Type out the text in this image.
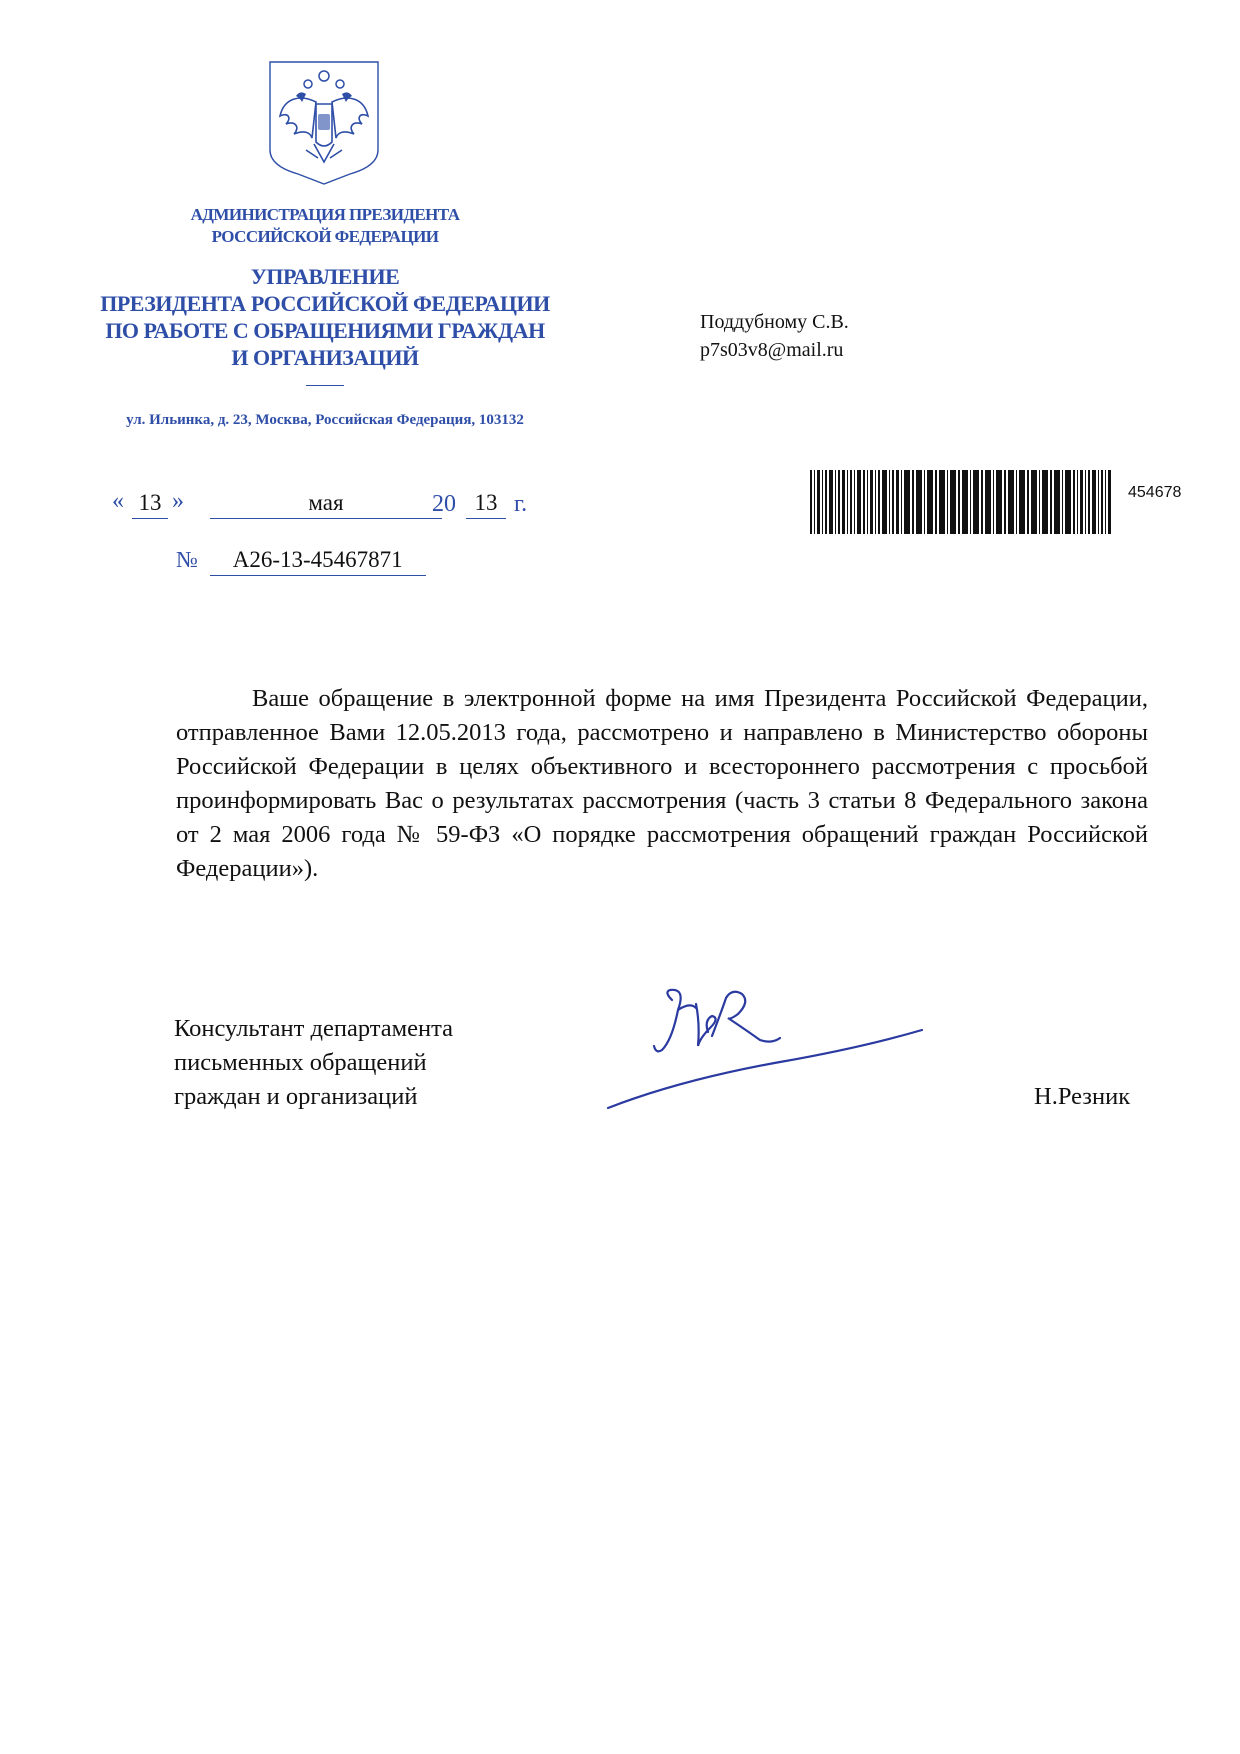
АДМИНИСТРАЦИЯ ПРЕЗИДЕНТА
РОССИЙСКОЙ ФЕДЕРАЦИИ
УПРАВЛЕНИЕ
ПРЕЗИДЕНТА РОССИЙСКОЙ ФЕДЕРАЦИИ
ПО РАБОТЕ С ОБРАЩЕНИЯМИ ГРАЖДАН
И ОРГАНИЗАЦИЙ
ул. Ильинка, д. 23, Москва, Российская Федерация, 103132
Поддубному С.В.
p7s03v8@mail.ru
« 13 »	мая	20 13 г.
№ А26-13-45467871
454678
Ваше обращение в электронной форме на имя Президента Российской Федерации, отправленное Вами 12.05.2013 года, рассмотрено и направлено в Министерство обороны Российской Федерации в целях объективного и всестороннего рассмотрения с просьбой проинформировать Вас о результатах рассмотрения (часть 3 статьи 8 Федерального закона от 2 мая 2006 года № 59-ФЗ «О порядке рассмотрения обращений граждан Российской Федерации»).
Консультант департамента
письменных обращений
граждан и организаций	Н.Резник
